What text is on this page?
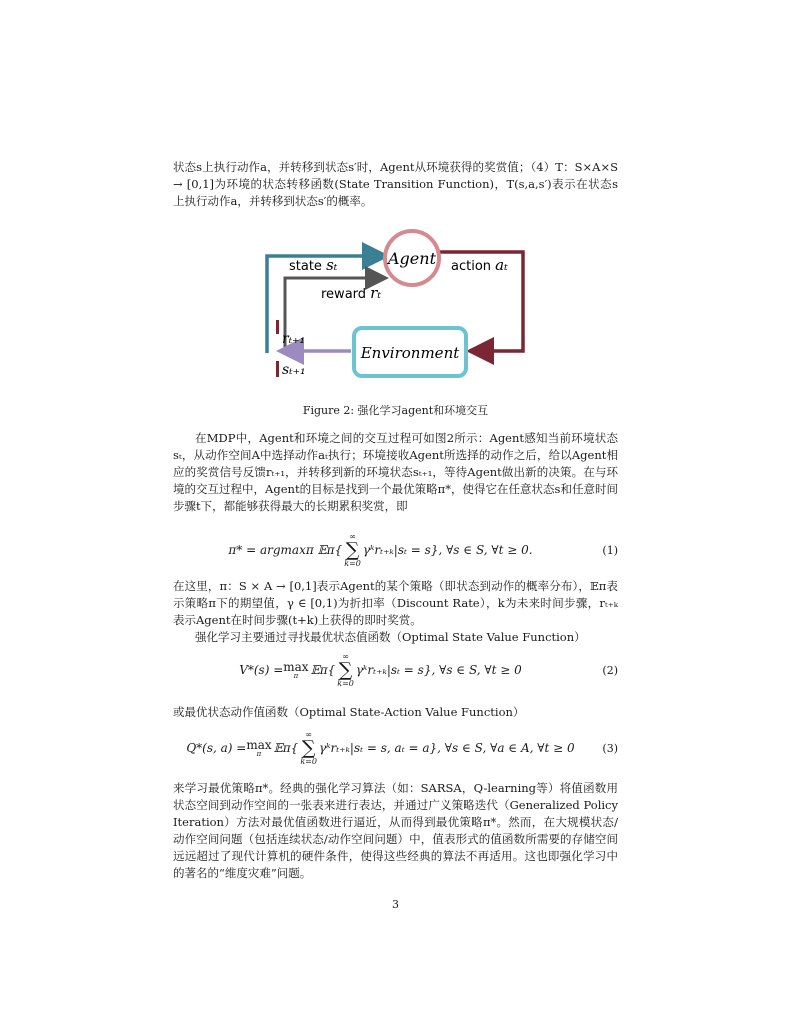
状态s上执行动作a，并转移到状态s′时，Agent从环境获得的奖赏值；（4）T：S×A×S → [0,1]为环境的状态转移函数(State Transition Function)，T(s,a,s′)表示在状态s上执行动作a，并转移到状态s′的概率。

Agent
Environment
state sₜ	action aₜ
reward rₜ
rₜ₊₁
sₜ₊₁
Figure 2: 强化学习agent和环境交互

在MDP中，Agent和环境之间的交互过程可如图2所示：Agent感知当前环境状态sₜ，从动作空间A中选择动作aₜ执行；环境接收Agent所选择的动作之后，给以Agent相应的奖赏信号反馈rₜ₊₁，并转移到新的环境状态sₜ₊₁，等待Agent做出新的决策。在与环境的交互过程中，Agent的目标是找到一个最优策略π*，使得它在任意状态s和任意时间步骤t下，都能够获得最大的长期累积奖赏，即

π* = argmaxπ 𝔼π{
∞
∑
k=0
γᵏrₜ₊ₖ|sₜ = s}, ∀s ∈ S, ∀t ≥ 0.	(1)

在这里，π：S × A → [0,1]表示Agent的某个策略（即状态到动作的概率分布），𝔼π表示策略π下的期望值，γ ∈ [0,1)为折扣率（Discount Rate），k为未来时间步骤，rₜ₊ₖ表示Agent在时间步骤(t+k)上获得的即时奖赏。

强化学习主要通过寻找最优状态值函数（Optimal State Value Function）

V*(s) = max
π 𝔼π{
∞
∑
k=0
γᵏrₜ₊ₖ|sₜ = s}, ∀s ∈ S, ∀t ≥ 0	(2)

或最优状态动作值函数（Optimal State-Action Value Function）

Q*(s, a) = max
π 𝔼π{
∞
∑
k=0
γᵏrₜ₊ₖ|sₜ = s, aₜ = a}, ∀s ∈ S, ∀a ∈ A, ∀t ≥ 0	(3)

来学习最优策略π*。经典的强化学习算法（如：SARSA，Q-learning等）将值函数用状态空间到动作空间的一张表来进行表达，并通过广义策略迭代（Generalized Policy Iteration）方法对最优值函数进行逼近，从而得到最优策略π*。然而，在大规模状态/动作空间问题（包括连续状态/动作空间问题）中，值表形式的值函数所需要的存储空间远远超过了现代计算机的硬件条件，使得这些经典的算法不再适用。这也即强化学习中的著名的“维度灾难”问题。

3
